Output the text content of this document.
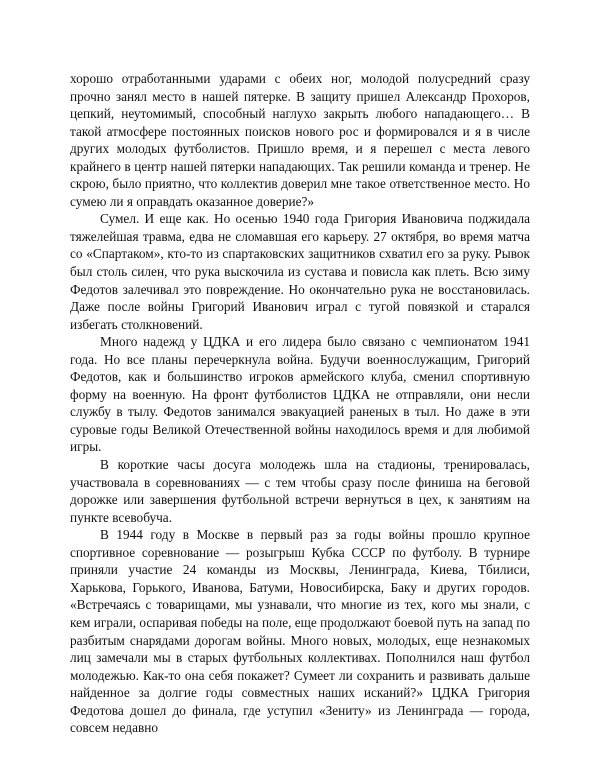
хорошо отработанными ударами с обеих ног, молодой полусредний сразу прочно занял место в нашей пятерке. В защиту пришел Александр Прохоров, цепкий, неутомимый, способный наглухо закрыть любого нападающего… В такой атмосфере постоянных поисков нового рос и формировался и я в числе других молодых футболистов. Пришло время, и я перешел с места левого крайнего в центр нашей пятерки нападающих. Так решили команда и тренер. Не скрою, было приятно, что коллектив доверил мне такое ответственное место. Но сумею ли я оправдать оказанное доверие?»

Сумел. И еще как. Но осенью 1940 года Григория Ивановича поджидала тяжелейшая травма, едва не сломавшая его карьеру. 27 октября, во время матча со «Спартаком», кто-то из спартаковских защитников схватил его за руку. Рывок был столь силен, что рука выскочила из сустава и повисла как плеть. Всю зиму Федотов залечивал это повреждение. Но окончательно рука не восстановилась. Даже после войны Григорий Иванович играл с тугой повязкой и старался избегать столкновений.

Много надежд у ЦДКА и его лидера было связано с чемпионатом 1941 года. Но все планы перечеркнула война. Будучи военнослужащим, Григорий Федотов, как и большинство игроков армейского клуба, сменил спортивную форму на военную. На фронт футболистов ЦДКА не отправляли, они несли службу в тылу. Федотов занимался эвакуацией раненых в тыл. Но даже в эти суровые годы Великой Отечественной войны находилось время и для любимой игры.

В короткие часы досуга молодежь шла на стадионы, тренировалась, участвовала в соревнованиях — с тем чтобы сразу после финиша на беговой дорожке или завершения футбольной встречи вернуться в цех, к занятиям на пункте всевобуча.

В 1944 году в Москве в первый раз за годы войны прошло крупное спортивное соревнование — розыгрыш Кубка СССР по футболу. В турнире приняли участие 24 команды из Москвы, Ленинграда, Киева, Тбилиси, Харькова, Горького, Иванова, Батуми, Новосибирска, Баку и других городов. «Встречаясь с товарищами, мы узнавали, что многие из тех, кого мы знали, с кем играли, оспаривая победы на поле, еще продолжают боевой путь на запад по разбитым снарядами дорогам войны. Много новых, молодых, еще незнакомых лиц замечали мы в старых футбольных коллективах. Пополнился наш футбол молодежью. Как-то она себя покажет? Сумеет ли сохранить и развивать дальше найденное за долгие годы совместных наших исканий?» ЦДКА Григория Федотова дошел до финала, где уступил «Зениту» из Ленинграда — города, совсем недавно
